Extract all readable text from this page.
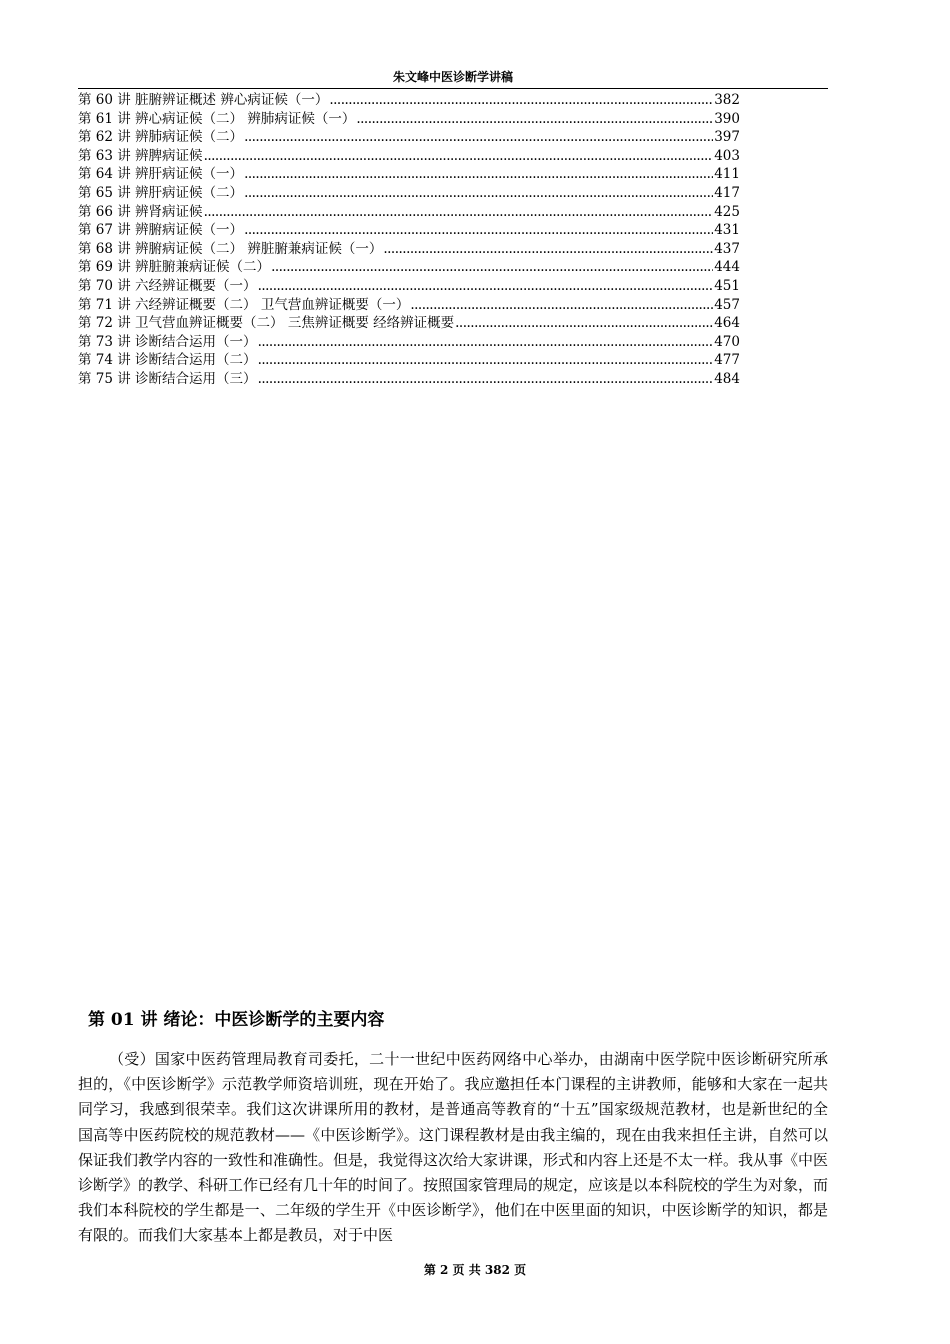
朱文峰中医诊断学讲稿
第 60 讲 脏腑辨证概述 辨心病证候（一） .....	382
第 61 讲 辨心病证候（二） 辨肺病证候（一） .....	390
第 62 讲 辨肺病证候（二） .....	397
第 63 讲 辨脾病证候 .....	403
第 64 讲 辨肝病证候（一） .....	411
第 65 讲 辨肝病证候（二） .....	417
第 66 讲 辨肾病证候 .....	425
第 67 讲 辨腑病证候（一） .....	431
第 68 讲 辨腑病证候（二） 辨脏腑兼病证候（一） .....	437
第 69 讲 辨脏腑兼病证候（二） .....	444
第 70 讲 六经辨证概要（一） .....	451
第 71 讲 六经辨证概要（二） 卫气营血辨证概要（一） .....	457
第 72 讲 卫气营血辨证概要（二） 三焦辨证概要 经络辨证概要 .....	464
第 73 讲 诊断结合运用（一） .....	470
第 74 讲 诊断结合运用（二） .....	477
第 75 讲 诊断结合运用（三） .....	484
第 01 讲 绪论：中医诊断学的主要内容

（受）国家中医药管理局教育司委托，二十一世纪中医药网络中心举办，由湖南中医学院中医诊断研究所承担的，《中医诊断学》示范教学师资培训班，现在开始了。我应邀担任本门课程的主讲教师，能够和大家在一起共同学习，我感到很荣幸。我们这次讲课所用的教材，是普通高等教育的“十五”国家级规范教材，也是新世纪的全国高等中医药院校的规范教材——《中医诊断学》。这门课程教材是由我主编的，现在由我来担任主讲，自然可以保证我们教学内容的一致性和准确性。但是，我觉得这次给大家讲课，形式和内容上还是不太一样。我从事《中医诊断学》的教学、科研工作已经有几十年的时间了。按照国家管理局的规定，应该是以本科院校的学生为对象，而我们本科院校的学生都是一、二年级的学生开《中医诊断学》，他们在中医里面的知识，中医诊断学的知识，都是有限的。而我们大家基本上都是教员，对于中医

第 2 页 共 382 页
